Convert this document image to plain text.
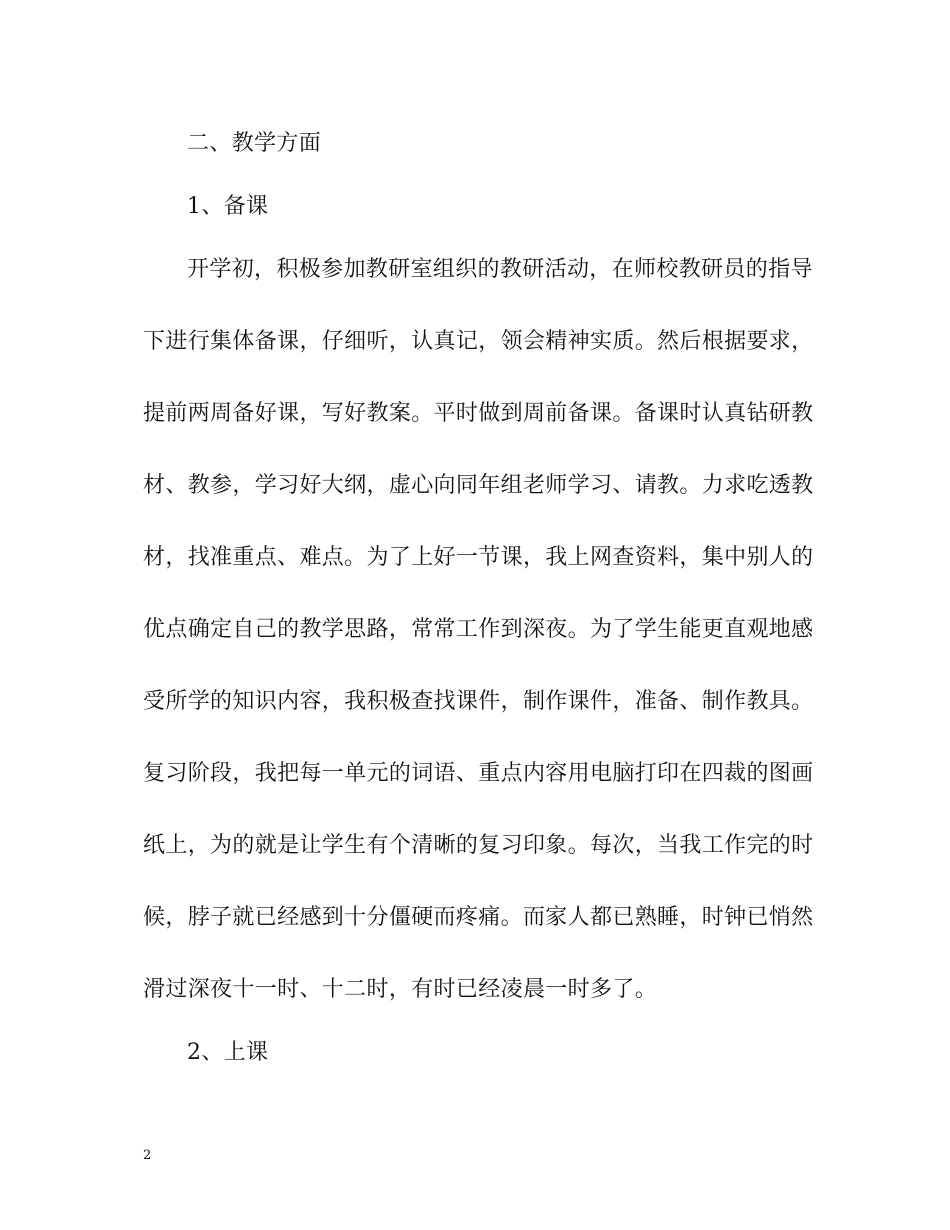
二、教学方面
1、备课
开学初，积极参加教研室组织的教研活动，在师校教研员的指导
下进行集体备课，仔细听，认真记，领会精神实质。然后根据要求，
提前两周备好课，写好教案。平时做到周前备课。备课时认真钻研教
材、教参，学习好大纲，虚心向同年组老师学习、请教。力求吃透教
材，找准重点、难点。为了上好一节课，我上网查资料，集中别人的
优点确定自己的教学思路，常常工作到深夜。为了学生能更直观地感
受所学的知识内容，我积极查找课件，制作课件，准备、制作教具。
复习阶段，我把每一单元的词语、重点内容用电脑打印在四裁的图画
纸上，为的就是让学生有个清晰的复习印象。每次，当我工作完的时
候，脖子就已经感到十分僵硬而疼痛。而家人都已熟睡，时钟已悄然
滑过深夜十一时、十二时，有时已经凌晨一时多了。
2、上课
2
